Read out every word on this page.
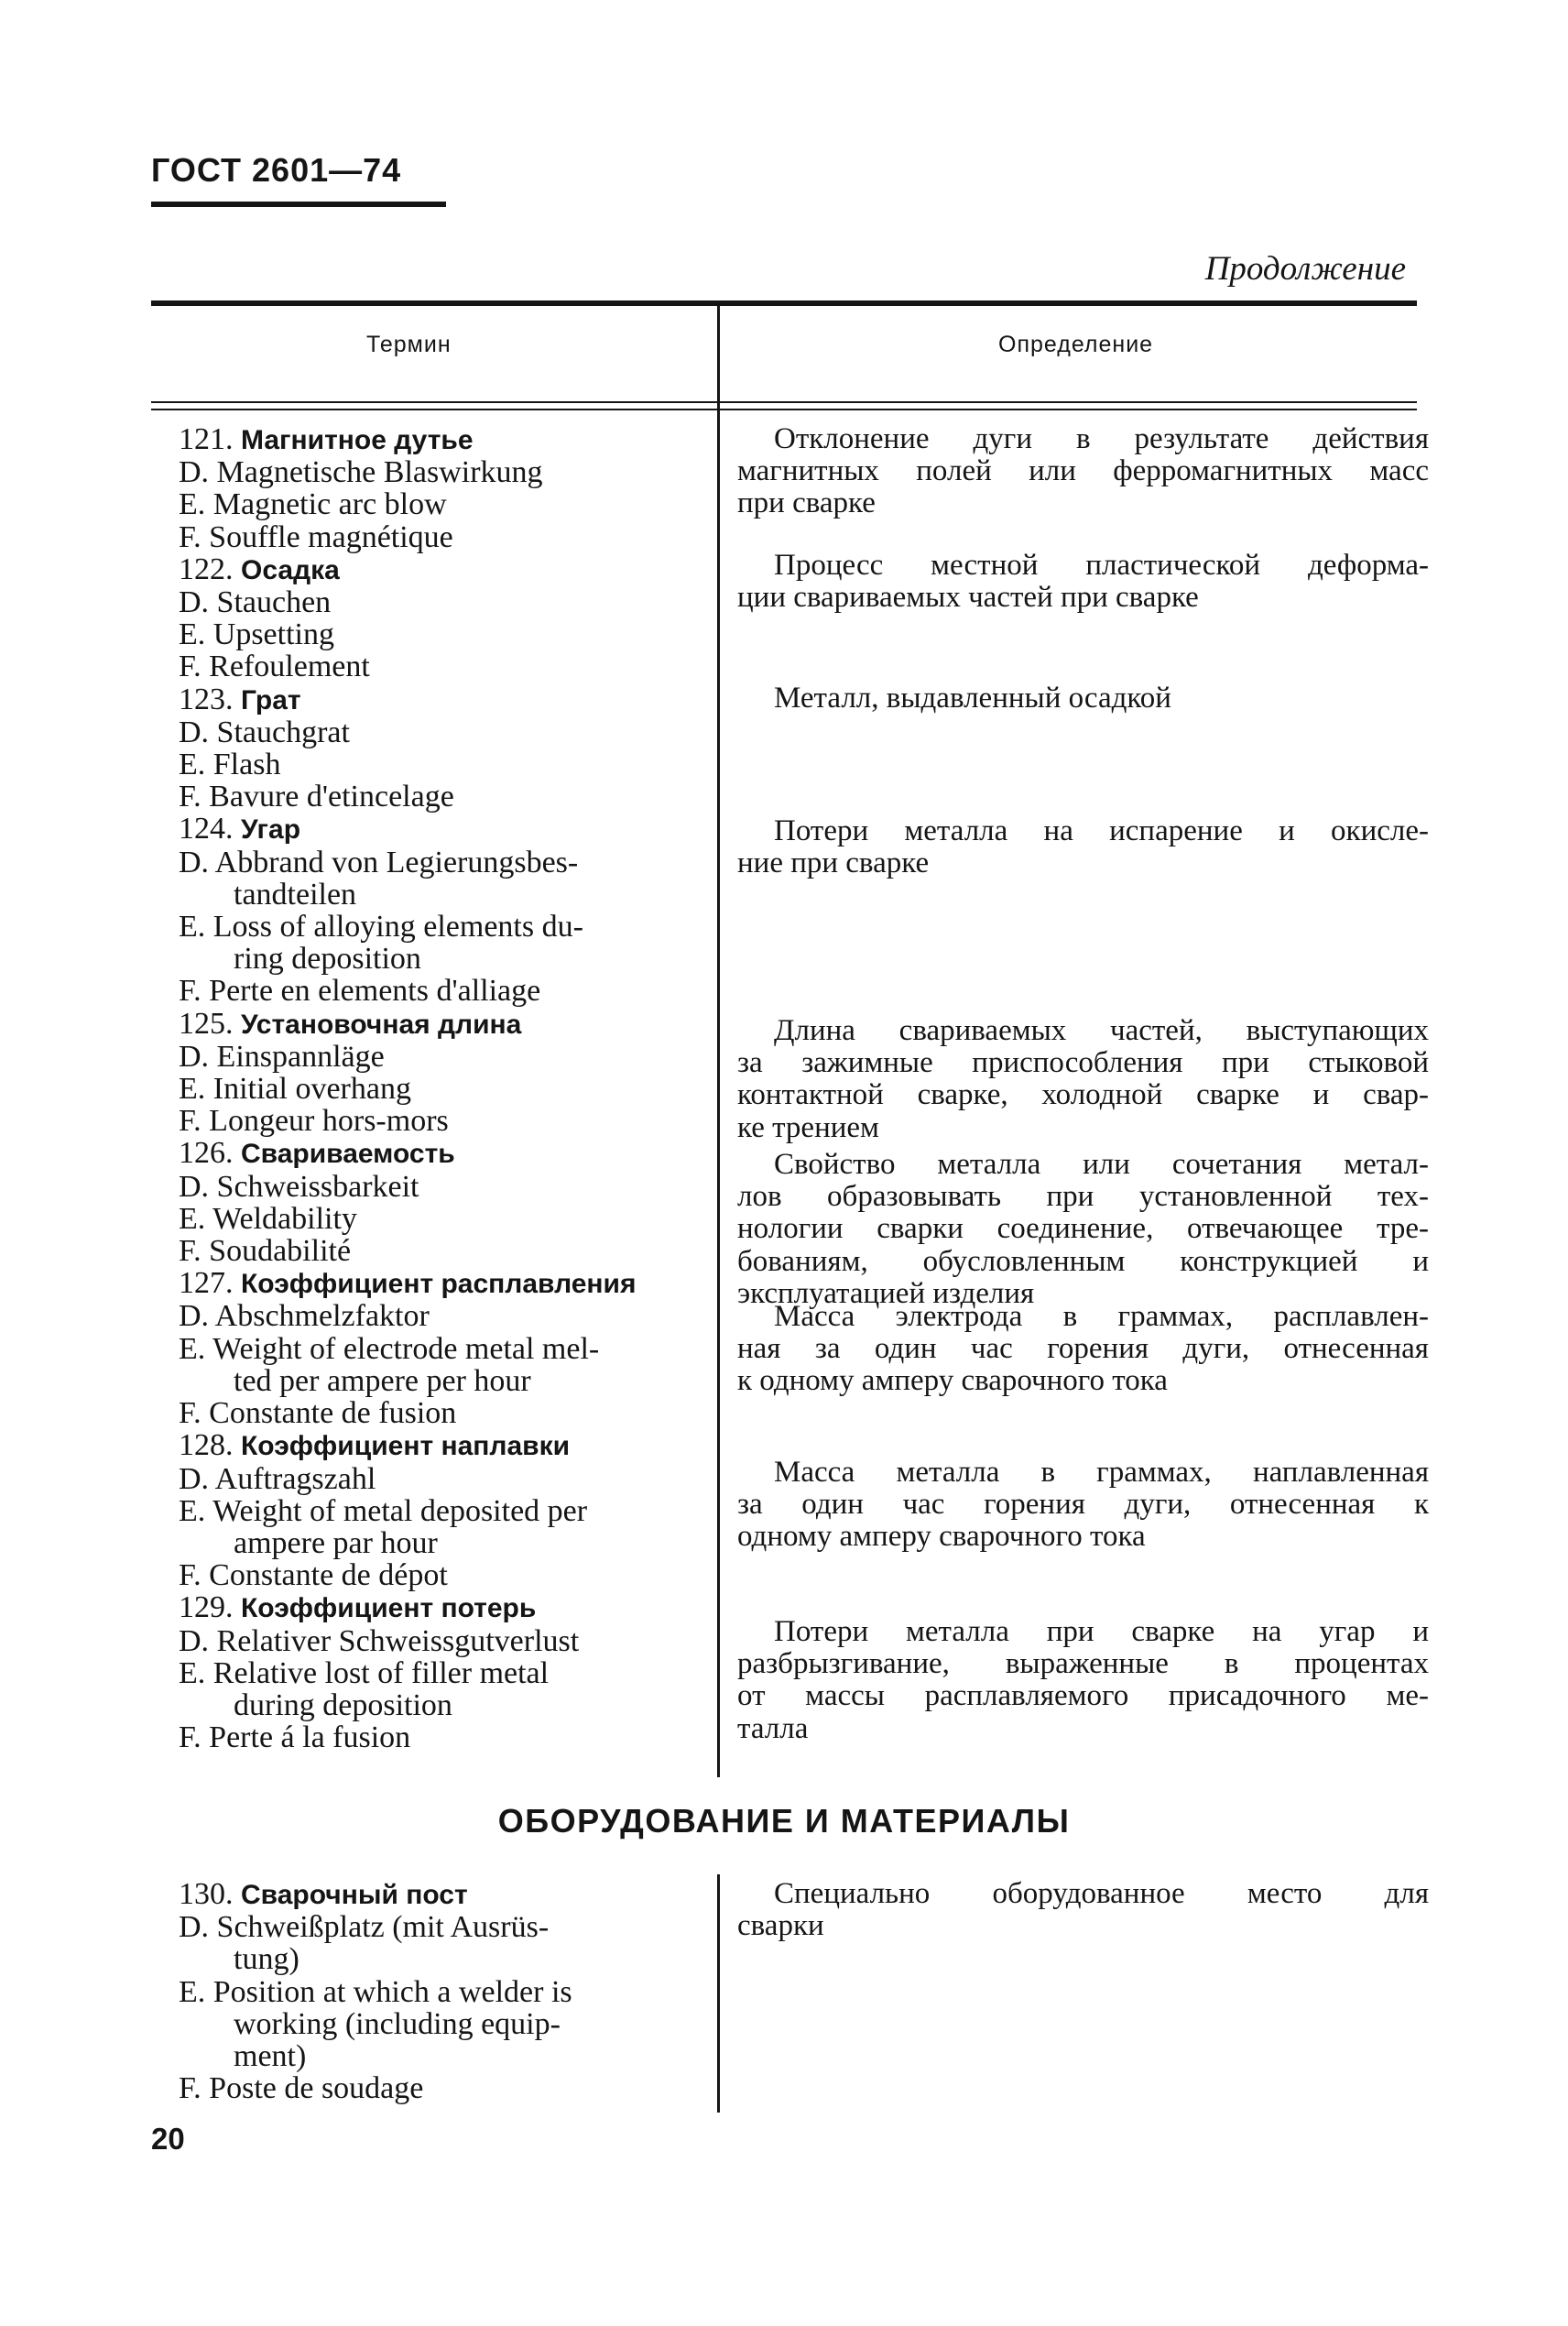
ГОСТ 2601—74
Продолжение
Термин	Определение
121. Магнитное дутье
D. Magnetische Blaswirkung
E. Magnetic arc blow
F. Souffle magnétique
122. Осадка
D. Stauchen
E. Upsetting
F. Refoulement
123. Грат
D. Stauchgrat
E. Flash
F. Bavure d'etincelage
124. Угар
D. Abbrand von Legierungsbes-
tandteilen
E. Loss of alloying elements du-
ring deposition
F. Perte en elements d'alliage
125. Установочная длина
D. Einspannläge
E. Initial overhang
F. Longeur hors-mors
126. Свариваемость
D. Schweissbarkeit
E. Weldability
F. Soudabilité
127. Коэффициент расплавления
D. Abschmelzfaktor
E. Weight of electrode metal mel-
ted per ampere per hour
F. Constante de fusion
128. Коэффициент наплавки
D. Auftragszahl
E. Weight of metal deposited per
ampere par hour
F. Constante de dépot
129. Коэффициент потерь
D. Relativer Schweissgutverlust
E. Relative lost of filler metal
during deposition
F. Perte á la fusion
Отклонение дуги в результате действия
магнитных полей или ферромагнитных масс
при сварке
Процесс местной пластической деформа-
ции свариваемых частей при сварке
Металл, выдавленный осадкой
Потери металла на испарение и окисле-
ние при сварке
Длина свариваемых частей, выступающих
за зажимные приспособления при стыковой
контактной сварке, холодной сварке и свар-
ке трением
Свойство металла или сочетания метал-
лов образовывать при установленной тех-
нологии сварки соединение, отвечающее тре-
бованиям, обусловленным конструкцией и
эксплуатацией изделия
Масса электрода в граммах, расплавлен-
ная за один час горения дуги, отнесенная
к одному амперу сварочного тока
Масса металла в граммах, наплавленная
за один час горения дуги, отнесенная к
одному амперу сварочного тока
Потери металла при сварке на угар и
разбрызгивание, выраженные в процентах
от массы расплавляемого присадочного ме-
талла
Специально оборудованное место для
сварки
ОБОРУДОВАНИЕ И МАТЕРИАЛЫ
130. Сварочный пост
D. Schweißplatz (mit Ausrüs-
tung)
E. Position at which a welder is
working (including equip-
ment)
F. Poste de soudage
20
